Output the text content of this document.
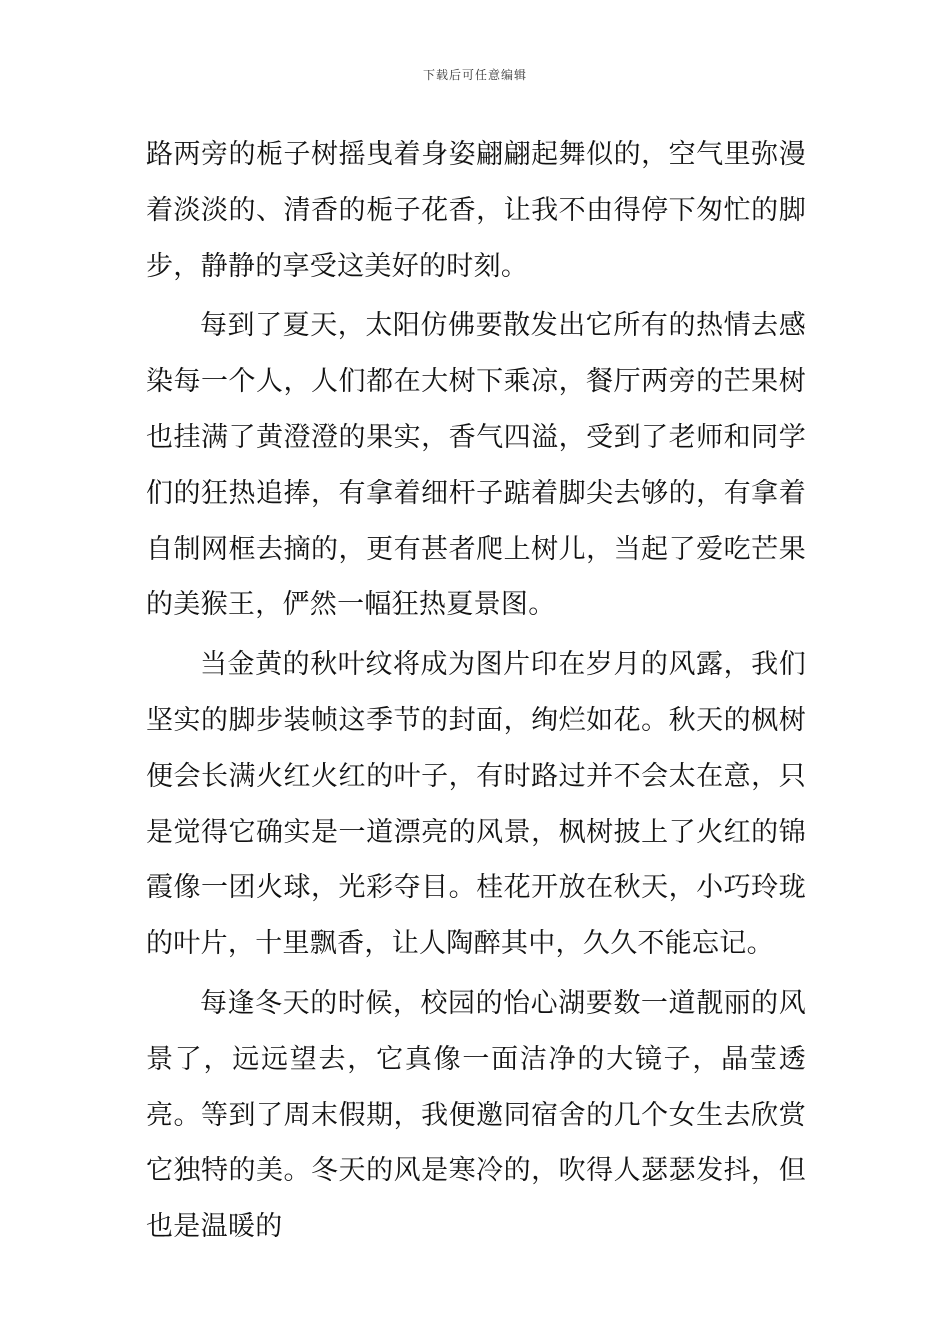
下载后可任意编辑

路两旁的栀子树摇曳着身姿翩翩起舞似的，空气里弥漫着淡淡的、清香的栀子花香，让我不由得停下匆忙的脚步，静静的享受这美好的时刻。

每到了夏天，太阳仿佛要散发出它所有的热情去感染每一个人，人们都在大树下乘凉，餐厅两旁的芒果树也挂满了黄澄澄的果实，香气四溢，受到了老师和同学们的狂热追捧，有拿着细杆子踮着脚尖去够的，有拿着自制网框去摘的，更有甚者爬上树儿，当起了爱吃芒果的美猴王，俨然一幅狂热夏景图。

当金黄的秋叶纹将成为图片印在岁月的风露，我们坚实的脚步装帧这季节的封面，绚烂如花。秋天的枫树便会长满火红火红的叶子，有时路过并不会太在意，只是觉得它确实是一道漂亮的风景，枫树披上了火红的锦霞像一团火球，光彩夺目。桂花开放在秋天，小巧玲珑的叶片，十里飘香，让人陶醉其中，久久不能忘记。

每逢冬天的时候，校园的怡心湖要数一道靓丽的风景了，远远望去，它真像一面洁净的大镜子，晶莹透亮。等到了周末假期，我便邀同宿舍的几个女生去欣赏它独特的美。冬天的风是寒冷的，吹得人瑟瑟发抖，但也是温暖的
